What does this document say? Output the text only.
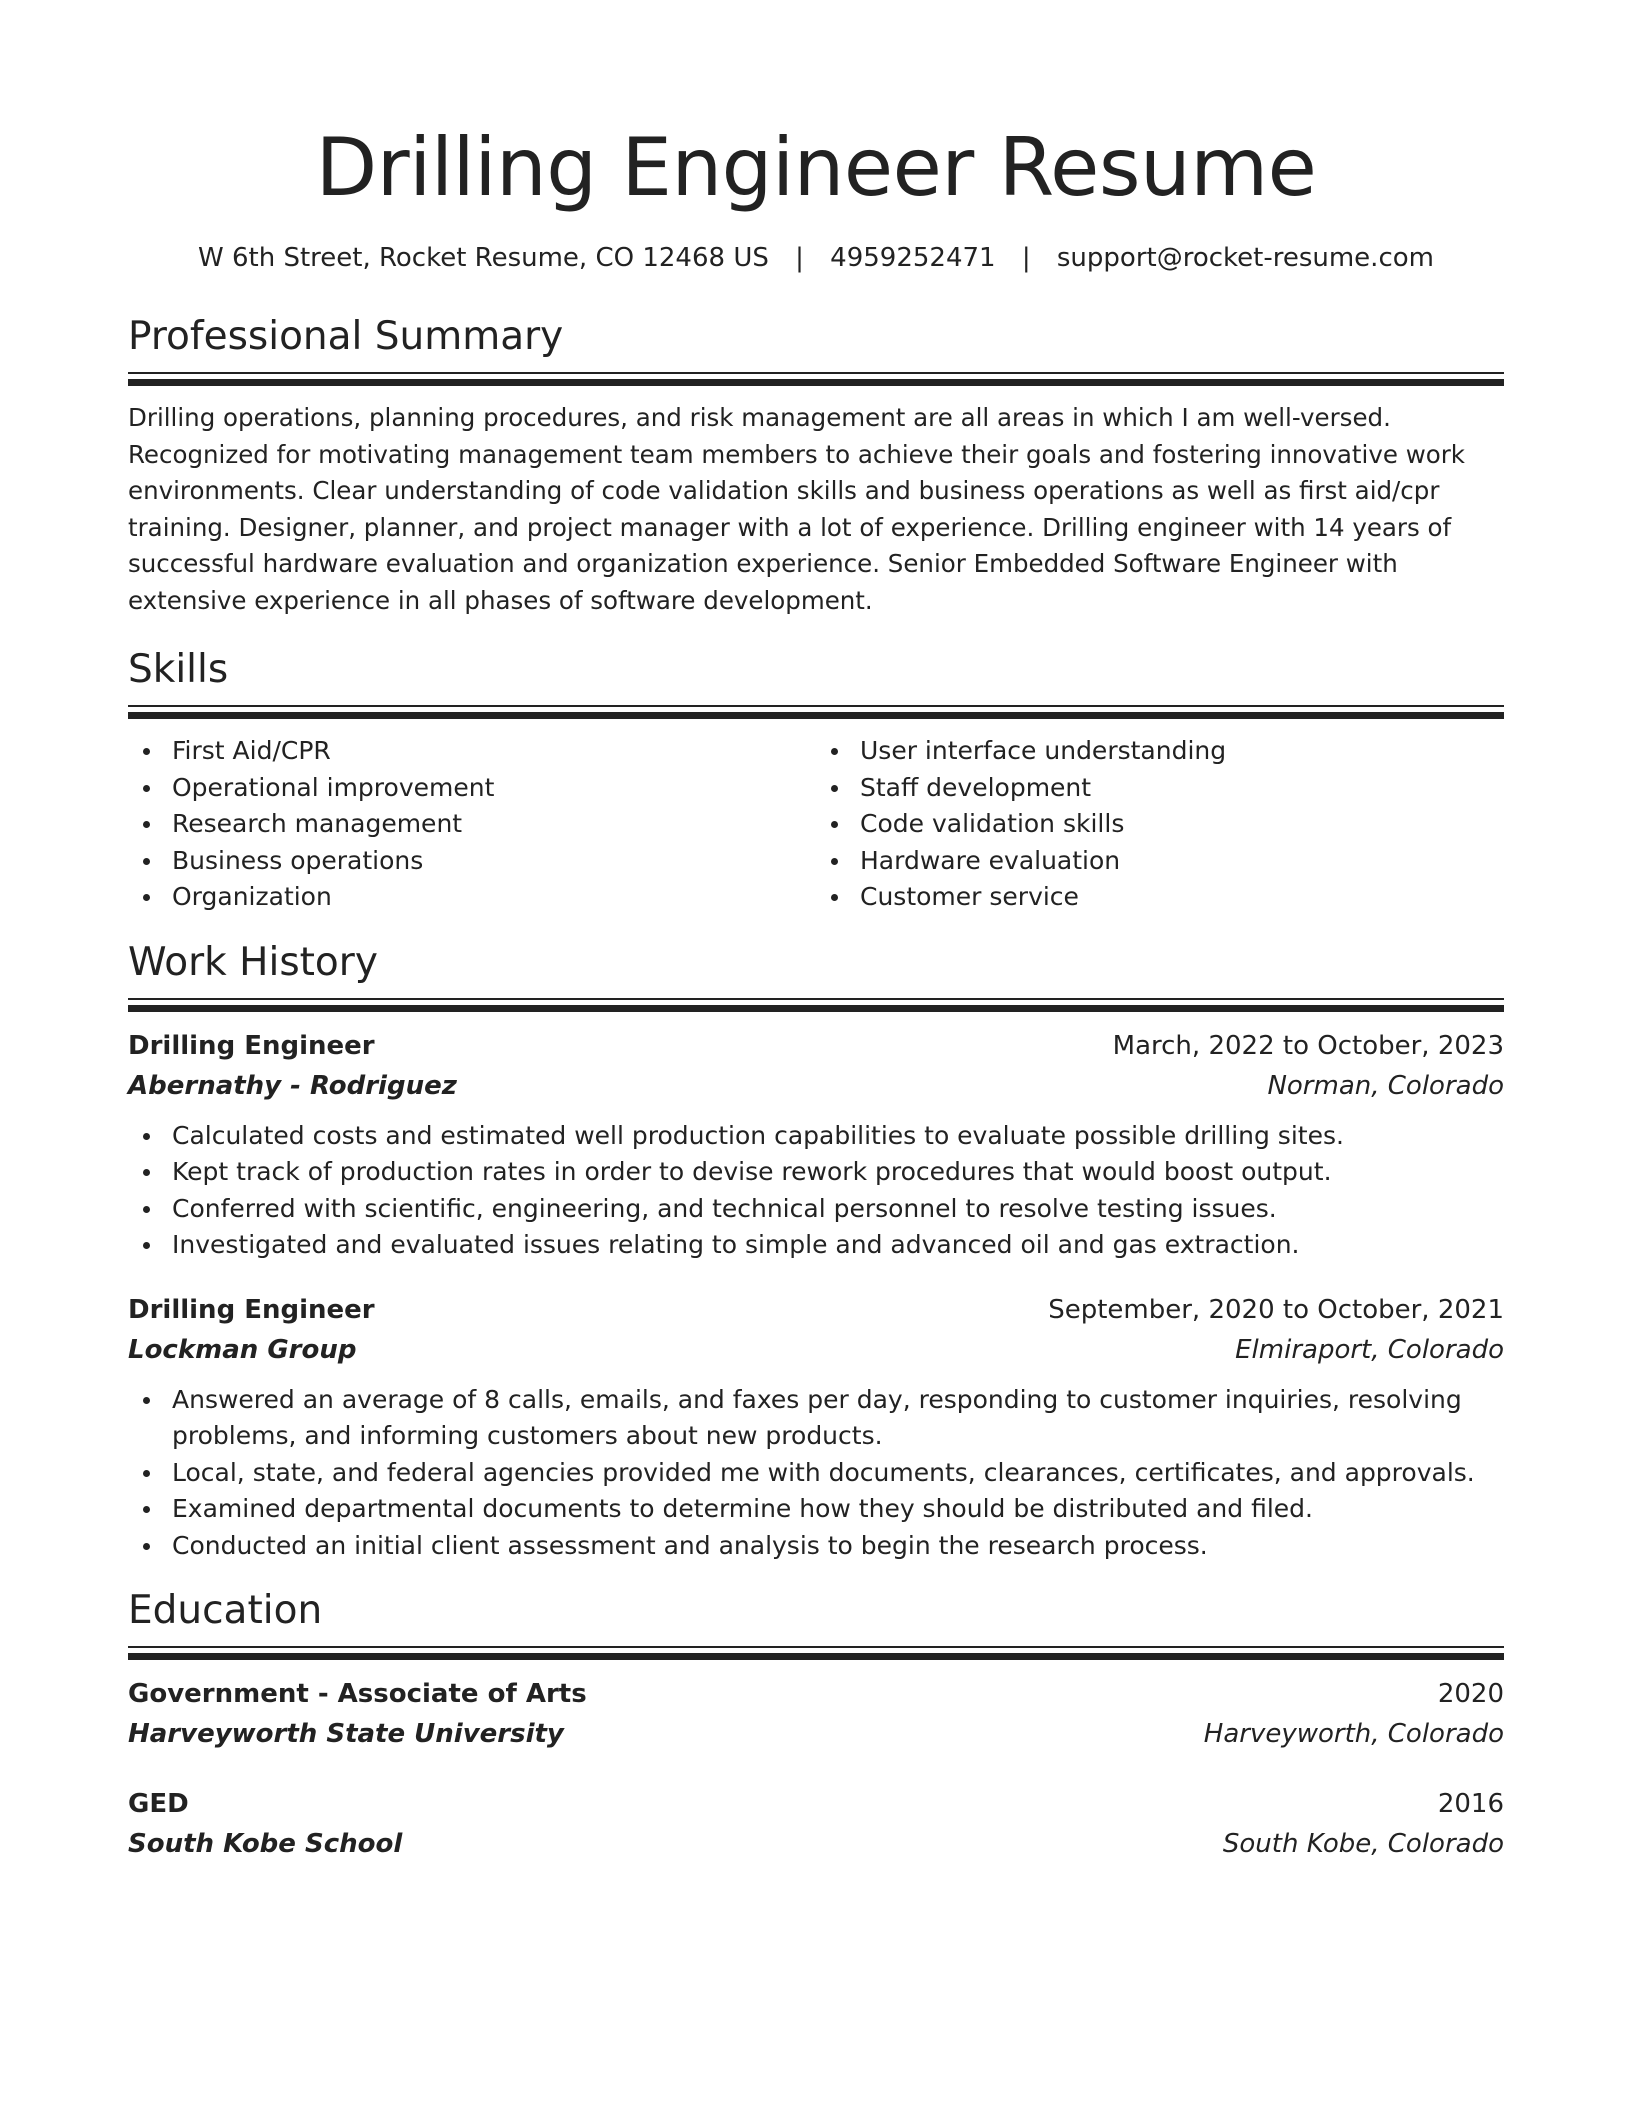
Drilling Engineer Resume
W 6th Street, Rocket Resume, CO 12468 US | 4959252471 | support@rocket-resume.com
Professional Summary

Drilling operations, planning procedures, and risk management are all areas in which I am well-versed. Recognized for motivating management team members to achieve their goals and fostering innovative work environments. Clear understanding of code validation skills and business operations as well as first aid/cpr training. Designer, planner, and project manager with a lot of experience. Drilling engineer with 14 years of successful hardware evaluation and organization experience. Senior Embedded Software Engineer with extensive experience in all phases of software development.

Skills
First Aid/CPR
Operational improvement
Research management
Business operations
Organization
User interface understanding
Staff development
Code validation skills
Hardware evaluation
Customer service
Work History
Drilling Engineer	March, 2022 to October, 2023
Abernathy - Rodriguez	Norman, Colorado
Calculated costs and estimated well production capabilities to evaluate possible drilling sites.
Kept track of production rates in order to devise rework procedures that would boost output.
Conferred with scientific, engineering, and technical personnel to resolve testing issues.
Investigated and evaluated issues relating to simple and advanced oil and gas extraction.
Drilling Engineer	September, 2020 to October, 2021
Lockman Group	Elmiraport, Colorado
Answered an average of 8 calls, emails, and faxes per day, responding to customer inquiries, resolving problems, and informing customers about new products.
Local, state, and federal agencies provided me with documents, clearances, certificates, and approvals.
Examined departmental documents to determine how they should be distributed and filed.
Conducted an initial client assessment and analysis to begin the research process.
Education
Government - Associate of Arts	2020
Harveyworth State University	Harveyworth, Colorado
GED	2016
South Kobe School	South Kobe, Colorado
